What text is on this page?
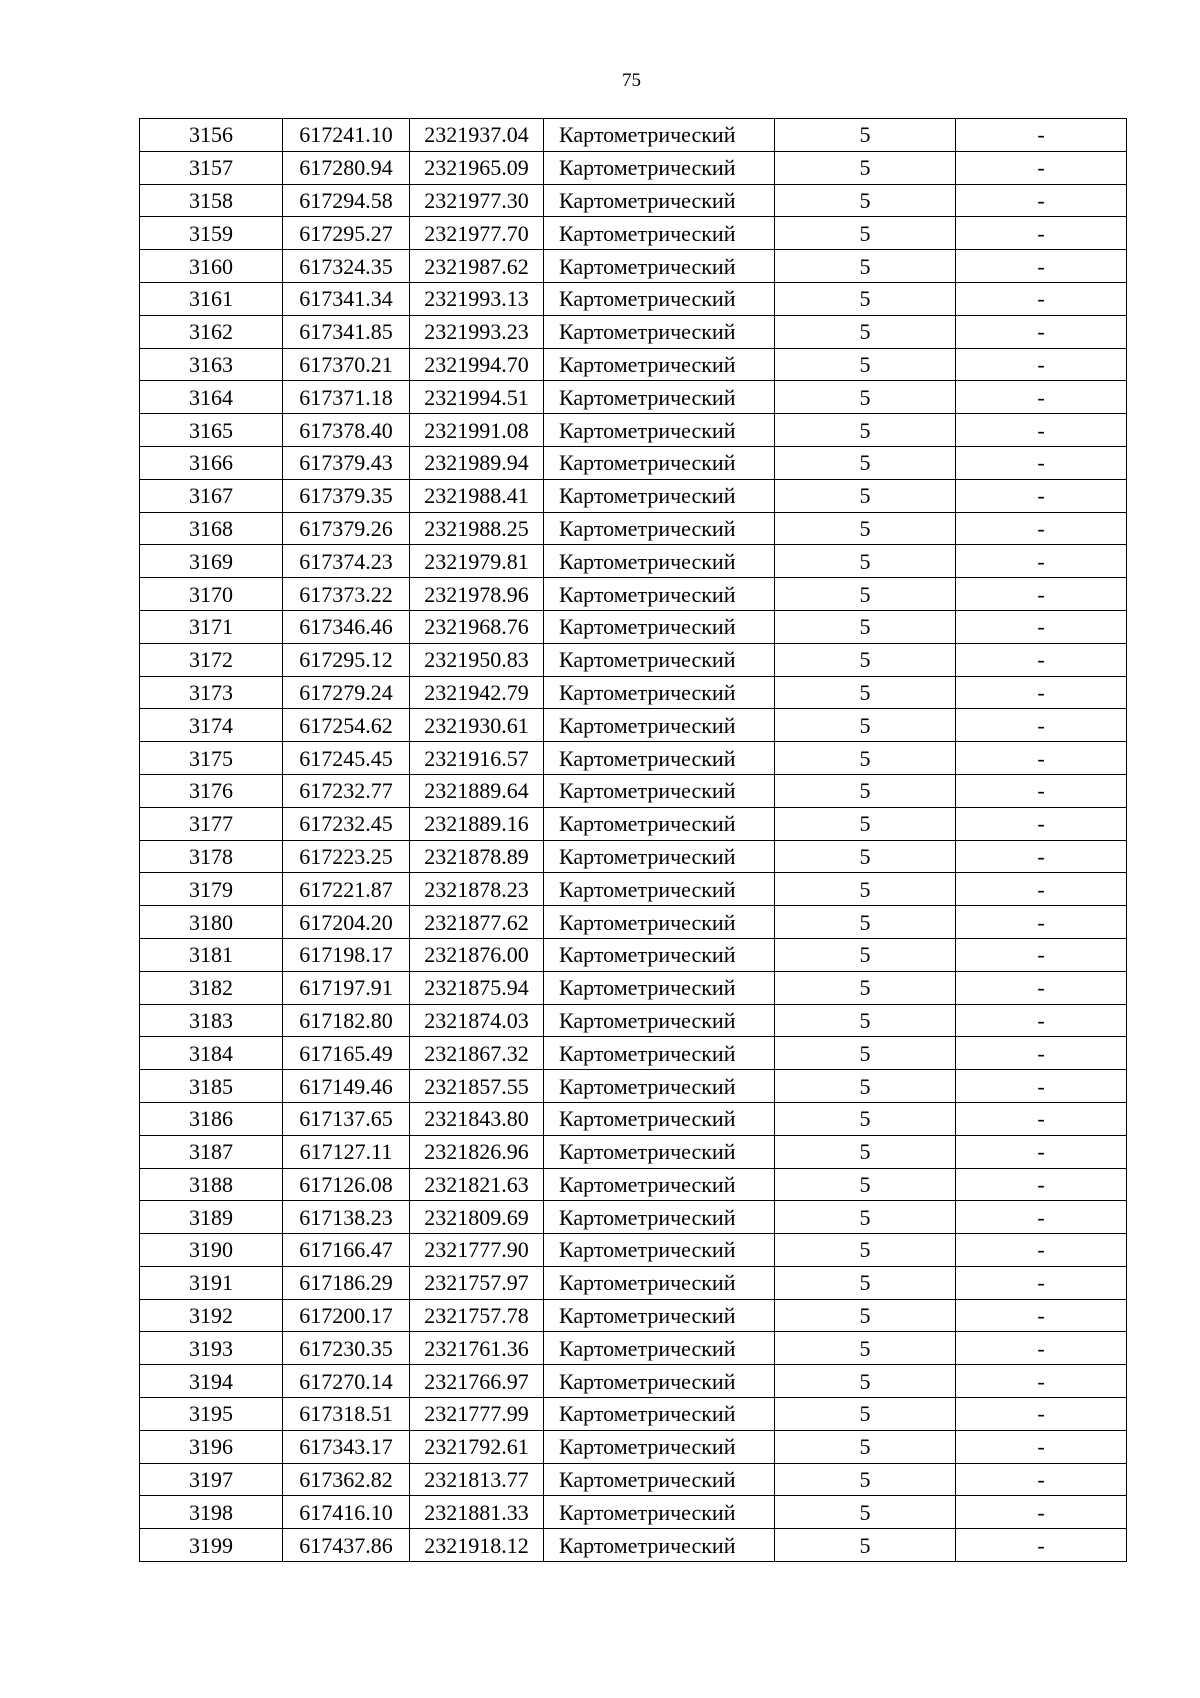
75
3156	617241.10	2321937.04	Картометрический	5	-
3157	617280.94	2321965.09	Картометрический	5	-
3158	617294.58	2321977.30	Картометрический	5	-
3159	617295.27	2321977.70	Картометрический	5	-
3160	617324.35	2321987.62	Картометрический	5	-
3161	617341.34	2321993.13	Картометрический	5	-
3162	617341.85	2321993.23	Картометрический	5	-
3163	617370.21	2321994.70	Картометрический	5	-
3164	617371.18	2321994.51	Картометрический	5	-
3165	617378.40	2321991.08	Картометрический	5	-
3166	617379.43	2321989.94	Картометрический	5	-
3167	617379.35	2321988.41	Картометрический	5	-
3168	617379.26	2321988.25	Картометрический	5	-
3169	617374.23	2321979.81	Картометрический	5	-
3170	617373.22	2321978.96	Картометрический	5	-
3171	617346.46	2321968.76	Картометрический	5	-
3172	617295.12	2321950.83	Картометрический	5	-
3173	617279.24	2321942.79	Картометрический	5	-
3174	617254.62	2321930.61	Картометрический	5	-
3175	617245.45	2321916.57	Картометрический	5	-
3176	617232.77	2321889.64	Картометрический	5	-
3177	617232.45	2321889.16	Картометрический	5	-
3178	617223.25	2321878.89	Картометрический	5	-
3179	617221.87	2321878.23	Картометрический	5	-
3180	617204.20	2321877.62	Картометрический	5	-
3181	617198.17	2321876.00	Картометрический	5	-
3182	617197.91	2321875.94	Картометрический	5	-
3183	617182.80	2321874.03	Картометрический	5	-
3184	617165.49	2321867.32	Картометрический	5	-
3185	617149.46	2321857.55	Картометрический	5	-
3186	617137.65	2321843.80	Картометрический	5	-
3187	617127.11	2321826.96	Картометрический	5	-
3188	617126.08	2321821.63	Картометрический	5	-
3189	617138.23	2321809.69	Картометрический	5	-
3190	617166.47	2321777.90	Картометрический	5	-
3191	617186.29	2321757.97	Картометрический	5	-
3192	617200.17	2321757.78	Картометрический	5	-
3193	617230.35	2321761.36	Картометрический	5	-
3194	617270.14	2321766.97	Картометрический	5	-
3195	617318.51	2321777.99	Картометрический	5	-
3196	617343.17	2321792.61	Картометрический	5	-
3197	617362.82	2321813.77	Картометрический	5	-
3198	617416.10	2321881.33	Картометрический	5	-
3199	617437.86	2321918.12	Картометрический	5	-
